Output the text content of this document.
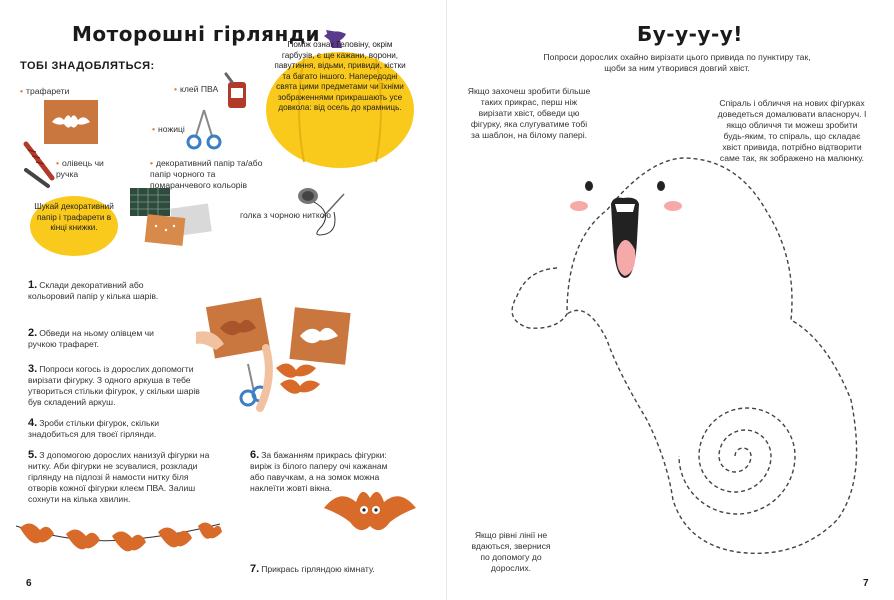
Моторошні гірлянди
ТОБІ ЗНАДОБЛЯТЬСЯ:
• трафарети
• олівець чи ручка
Шукай декоративний папір і трафарети в кінці книжки.
• клей ПВА
• ножиці
• декоративний папір та/або папір чорного та помаранчевого кольорів
голка з чорною ниткою
Поміж ознак Геловіну, окрім гарбузів, є ще кажани, ворони, павутиння, відьми, привиди, кістки та багато іншого. Напередодні свята цими предметами чи їхніми зображеннями прикрашають усе довкола: від осель до крамниць.
1. Склади декоративний або кольоровий папір у кілька шарів.
2. Обведи на ньому олівцем чи ручкою трафарет.
3. Попроси когось із дорослих допомогти вирізати фігурку. З одного аркуша в тебе утвориться стільки фігурок, у скільки шарів був складений аркуш.
4. Зроби стільки фігурок, скільки знадобиться для твоєї гірлянди.
5. З допомогою дорослих нанизуй фігурки на нитку. Аби фігурки не зсувалися, розклади гірлянду на підлозі й намости нитку біля отворів кожної фігурки клеєм ПВА. Залиш сохнути на кілька хвилин.
6. За бажанням прикрась фігурки: виріж із білого паперу очі кажанам або павучкам, а на зомок можна наклеїти жовті вікна.
7. Прикрась гірляндою кімнату.
6
Бу-у-у-у!
Попроси дорослих охайно вирізати цього привида по пунктиру так, щоби за ним утворився довгий хвіст.
Якщо захочеш зробити більше таких прикрас, перш ніж вирізати хвіст, обведи цю фігурку, яка слугуватиме тобі за шаблон, на білому папері.
Спіраль і обличчя на нових фігурках доведеться домалювати власноруч. І якщо обличчя ти можеш зробити будь-яким, то спіраль, що складає хвіст привида, потрібно відтворити саме так, як зображено на малюнку.
Якщо рівні лінії не вдаються, звернися по допомогу до дорослих.
7
